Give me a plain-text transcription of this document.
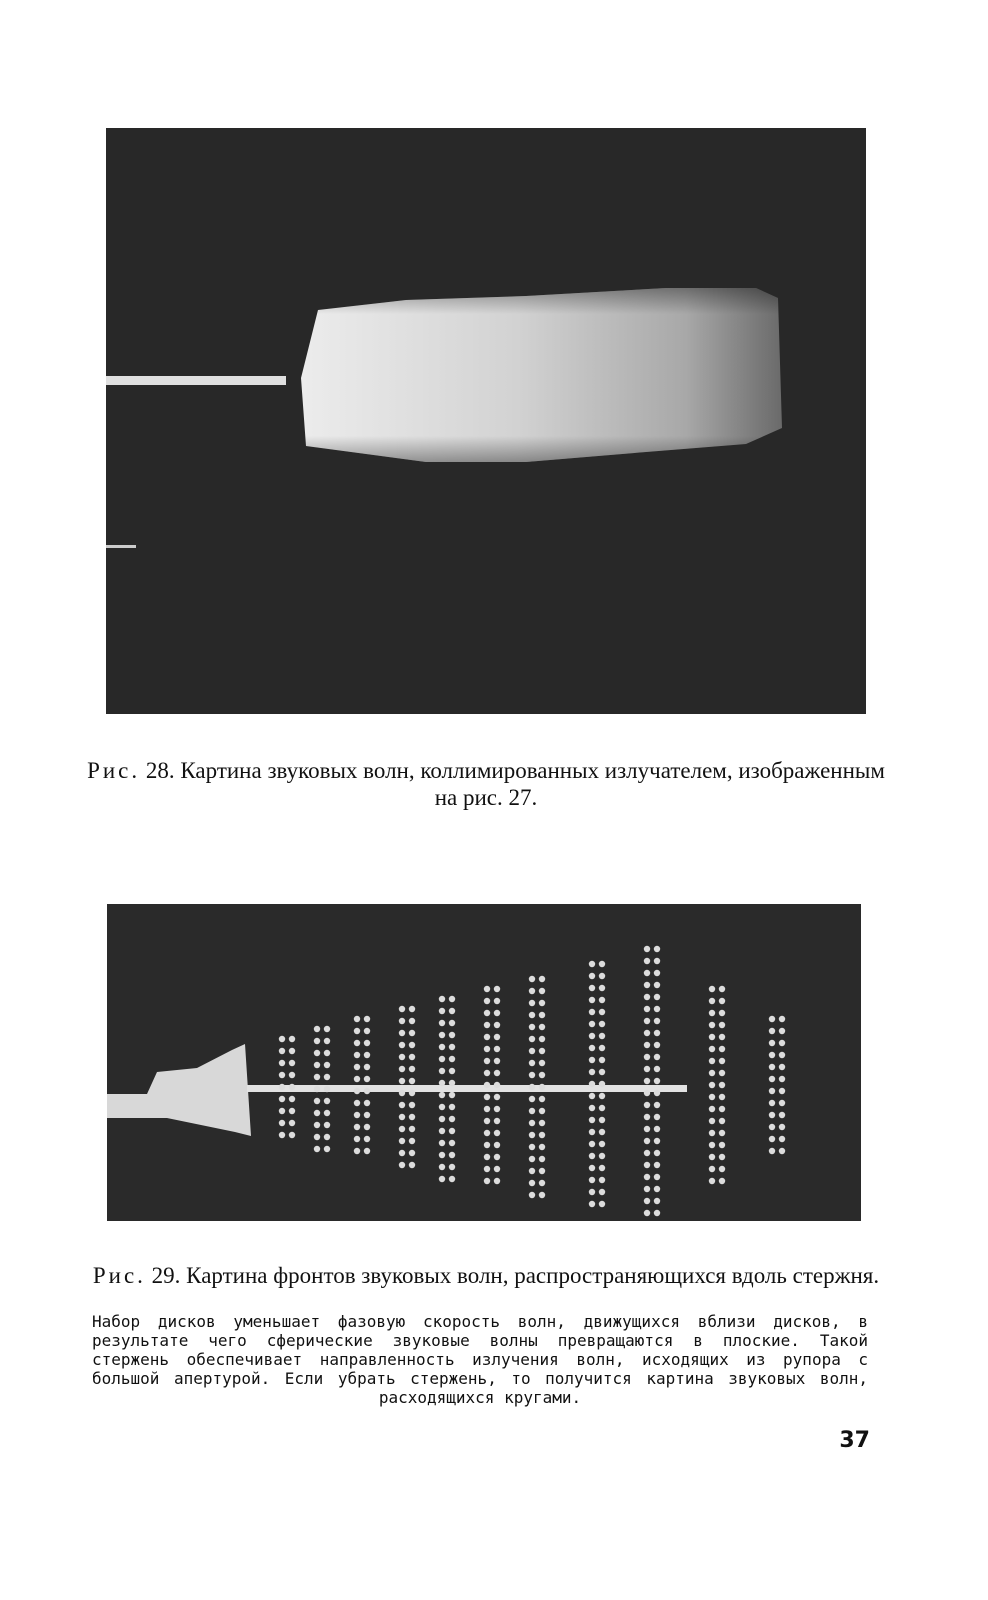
Рис. 28. Картина звуковых волн, коллимированных излучателем, изображенным на рис. 27.
Рис. 29. Картина фронтов звуковых волн, распространяющихся вдоль стержня.
Набор дисков уменьшает фазовую скорость волн, движущихся вблизи дисков, в результате чего сферические звуковые волны превращаются в плоские. Такой стержень обеспечивает направленность излучения волн, исходящих из рупора с большой апертурой. Если убрать стержень, то получится картина звуковых волн, расходящихся кругами.
37
